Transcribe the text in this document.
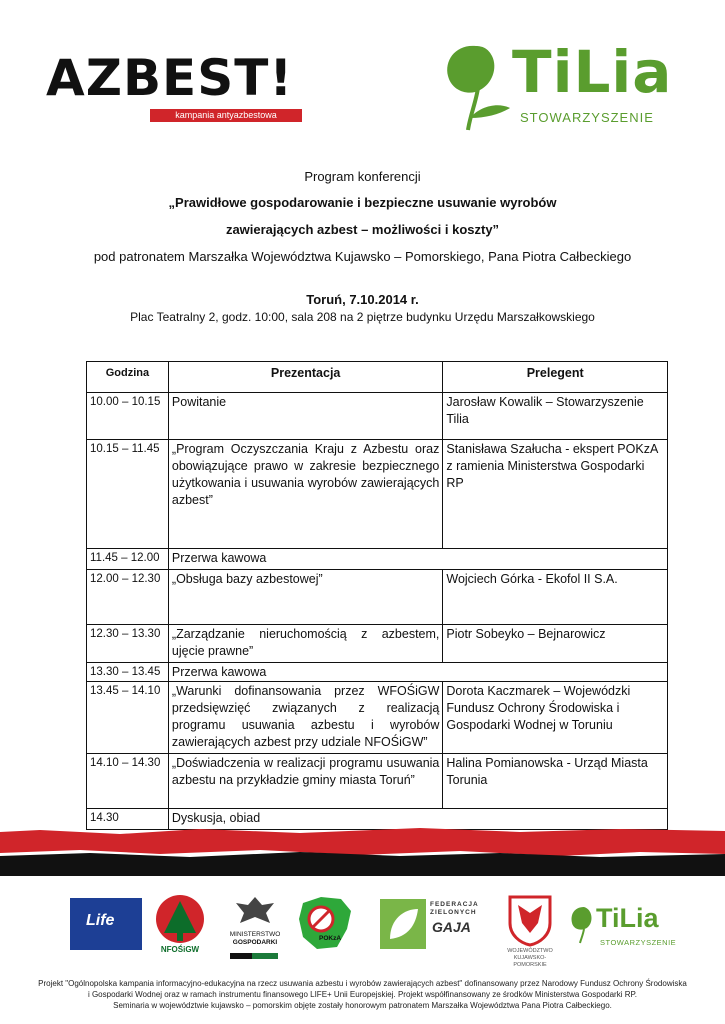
AZBEST!
kampania antyazbestowa
TiLia
STOWARZYSZENIE
Program konferencji
„Prawidłowe gospodarowanie i bezpieczne usuwanie wyrobów
zawierających azbest – możliwości i koszty”
pod patronatem Marszałka Województwa Kujawsko – Pomorskiego, Pana Piotra Całbeckiego
Toruń, 7.10.2014 r.
Plac Teatralny 2, godz. 10:00, sala 208 na 2 piętrze budynku Urzędu Marszałkowskiego
Godzina	Prezentacja	Prelegent
10.00 – 10.15	Powitanie	Jarosław Kowalik – Stowarzyszenie Tilia
10.15 – 11.45	„Program Oczyszczania Kraju z Azbestu oraz obowiązujące prawo w zakresie bezpiecznego użytkowania i usuwania wyrobów zawierających azbest”	Stanisława Szałucha - ekspert POKzA z ramienia Ministerstwa Gospodarki RP
11.45 – 12.00	Przerwa kawowa	
12.00 – 12.30	„Obsługa bazy azbestowej”	Wojciech Górka - Ekofol II S.A.
12.30 – 13.30	„Zarządzanie nieruchomością z azbestem, ujęcie prawne”	Piotr Sobeyko – Bejnarowicz
13.30 – 13.45	Przerwa kawowa	
13.45 – 14.10	„Warunki dofinansowania przez WFOŚiGW przedsięwzięć związanych z realizacją programu usuwania azbestu i wyrobów zawierających azbest przy udziale NFOŚiGW”	Dorota Kaczmarek – Wojewódzki Fundusz Ochrony Środowiska i Gospodarki Wodnej w Toruniu
14.10 – 14.30	„Doświadczenia w realizacji programu usuwania azbestu na przykładzie gminy miasta Toruń”	Halina Pomianowska - Urząd Miasta Torunia
14.30	Dyskusja, obiad	
Life
NFOŚiGW
MINISTERSTWO
GOSPODARKI
POKzA
FEDERACJA
ZIELONYCH
GAJA
WOJEWÓDZTWO
KUJAWSKO-POMORSKIE
TiLia
STOWARZYSZENIE
Projekt "Ogólnopolska kampania informacyjno-edukacyjna na rzecz usuwania azbestu i wyrobów zawierających azbest" dofinansowany przez Narodowy Fundusz Ochrony Środowiska
i Gospodarki Wodnej oraz w ramach instrumentu finansowego LIFE+ Unii Europejskiej. Projekt współfinansowany ze środków Ministerstwa Gospodarki RP.
Seminaria w województwie kujawsko – pomorskim objęte zostały honorowym patronatem Marszałka Województwa Pana Piotra Całbeckiego.
